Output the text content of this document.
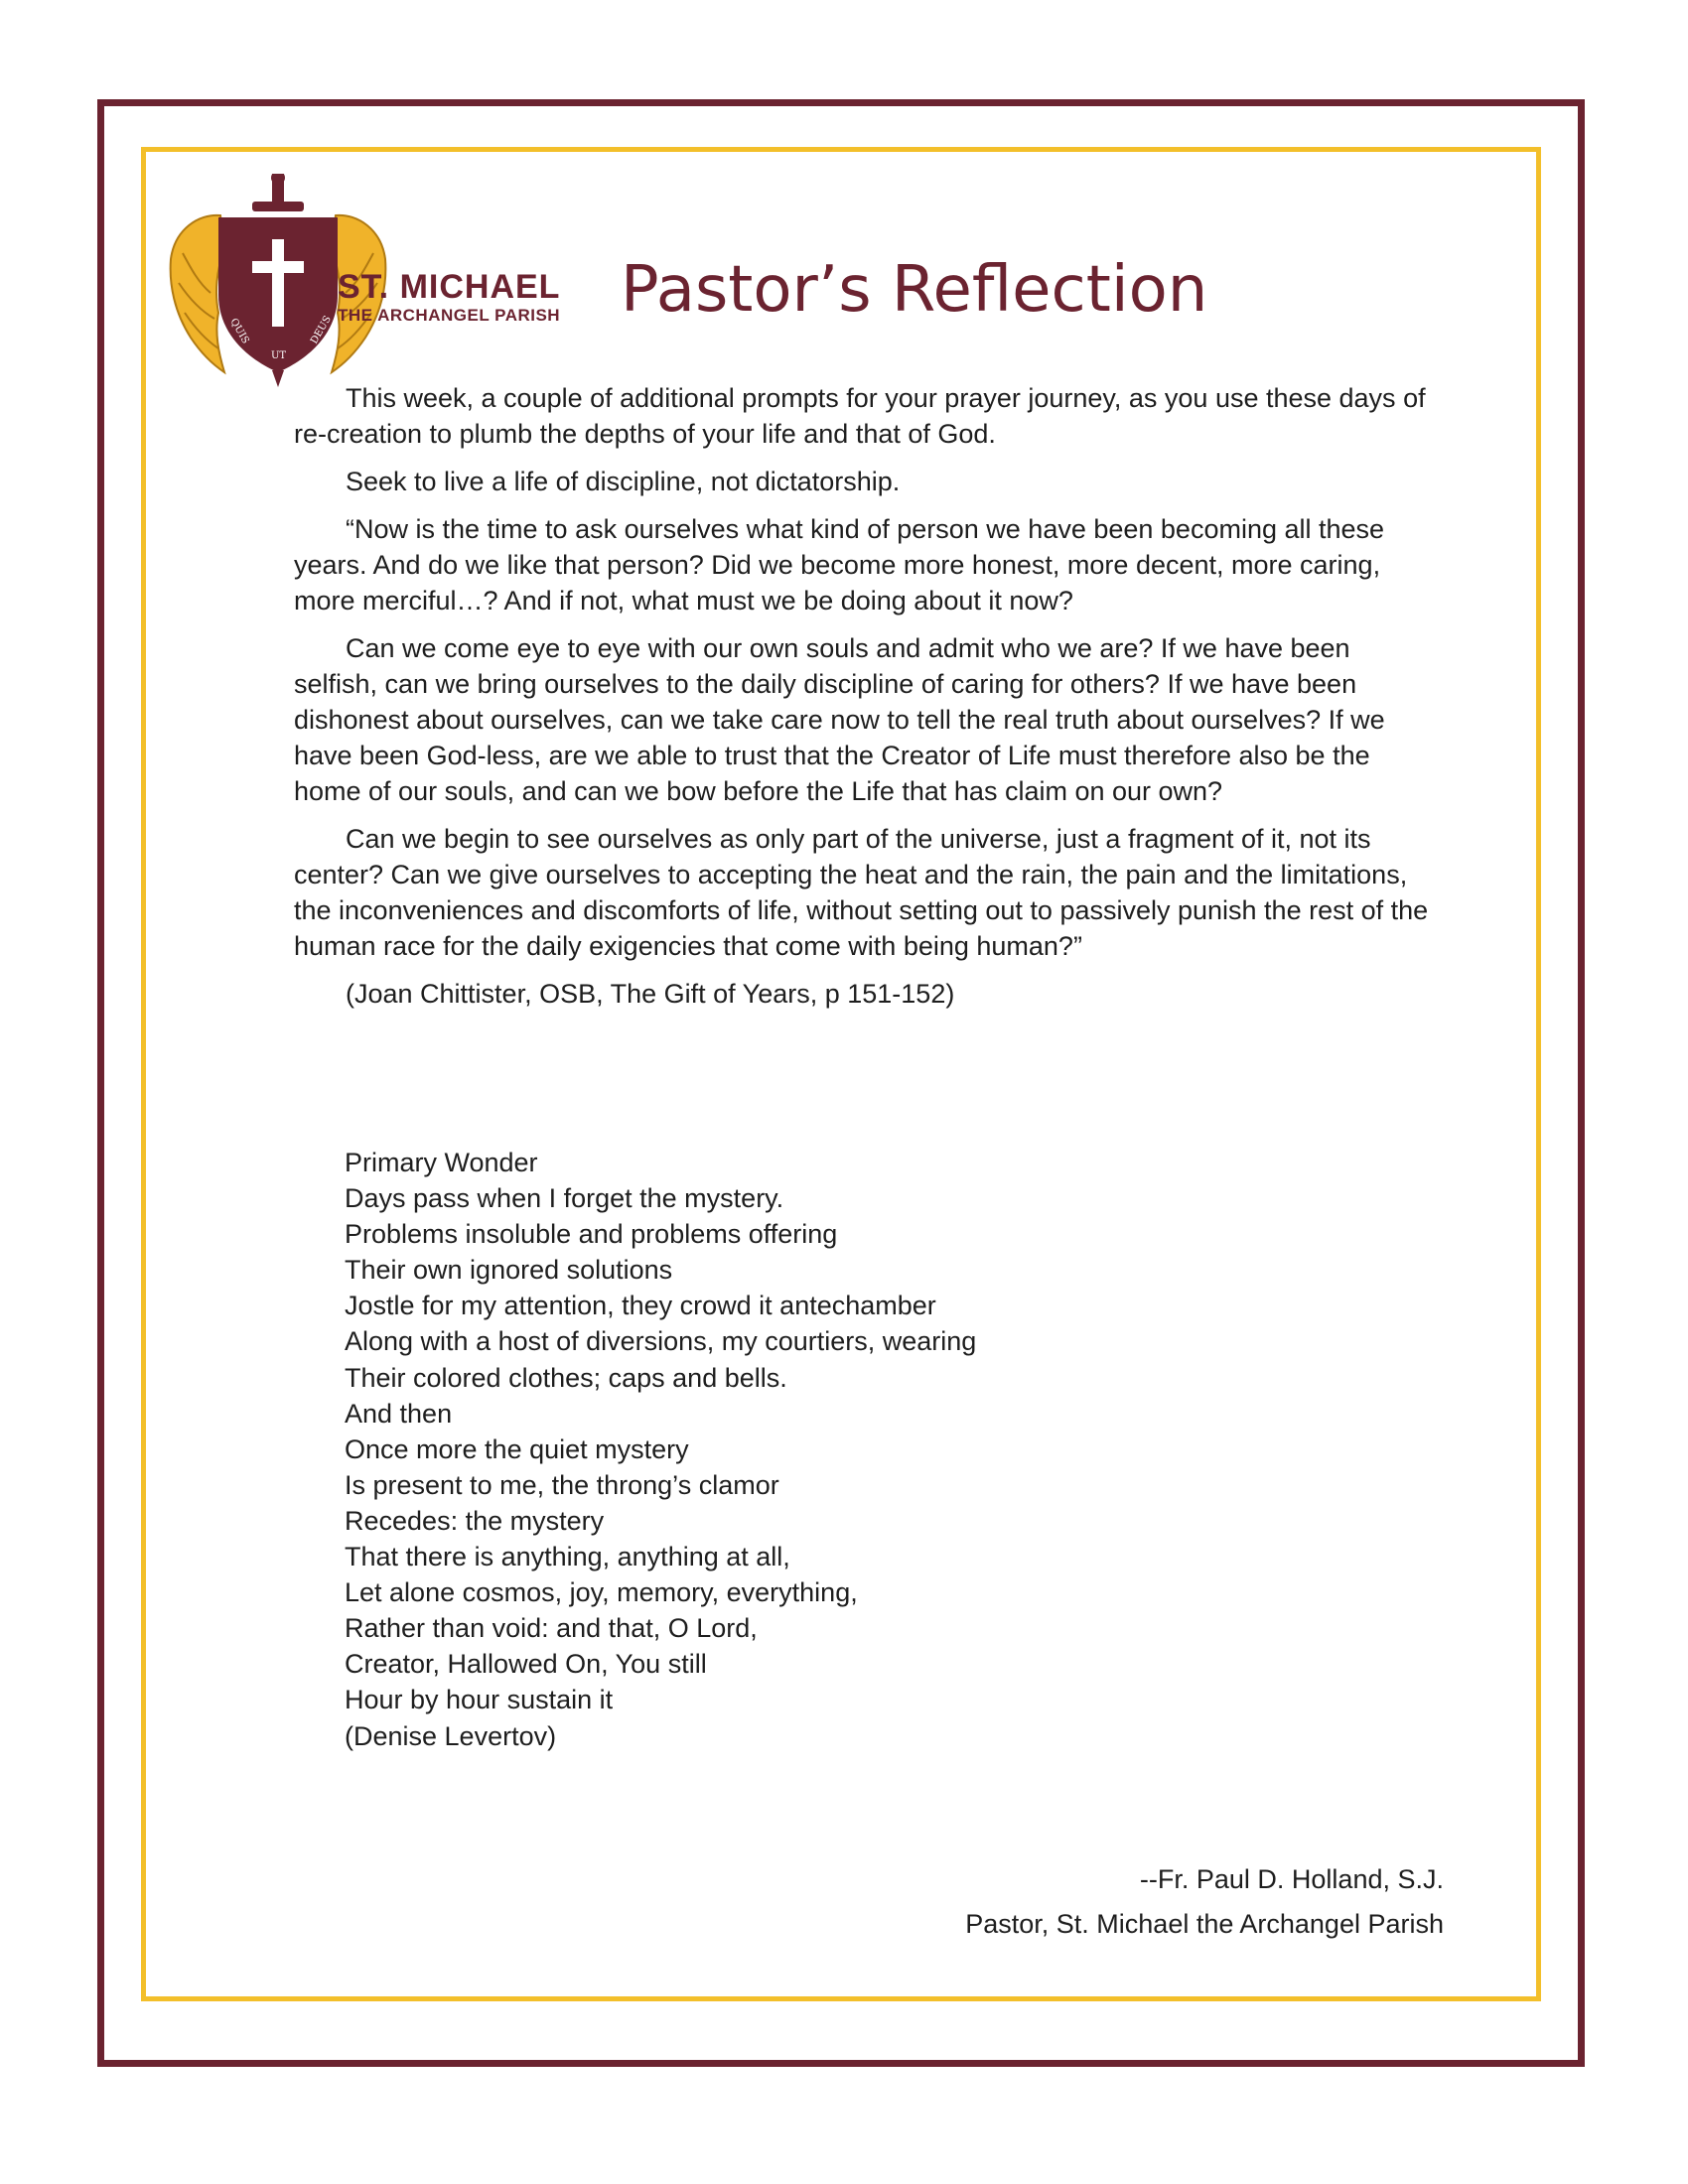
QUIS
UT
DEUS
ST. MICHAEL
THE ARCHANGEL PARISH Pastor’s Reflection

This week, a couple of additional prompts for your prayer journey, as you use these days of re-creation to plumb the depths of your life and that of God.

Seek to live a life of discipline, not dictatorship.

“Now is the time to ask ourselves what kind of person we have been becoming all these years. And do we like that person? Did we become more honest, more decent, more caring, more merciful…? And if not, what must we be doing about it now?

Can we come eye to eye with our own souls and admit who we are? If we have been selfish, can we bring ourselves to the daily discipline of caring for others? If we have been dishonest about ourselves, can we take care now to tell the real truth about ourselves? If we have been God-less, are we able to trust that the Creator of Life must therefore also be the home of our souls, and can we bow before the Life that has claim on our own?

Can we begin to see ourselves as only part of the universe, just a fragment of it, not its center? Can we give ourselves to accepting the heat and the rain, the pain and the limitations, the inconveniences and discomforts of life, without setting out to passively punish the rest of the human race for the daily exigencies that come with being human?”

(Joan Chittister, OSB, The Gift of Years, p 151-152)

Primary Wonder
Days pass when I forget the mystery.
Problems insoluble and problems offering
Their own ignored solutions
Jostle for my attention, they crowd it antechamber
Along with a host of diversions, my courtiers, wearing
Their colored clothes; caps and bells.
And then
Once more the quiet mystery
Is present to me, the throng’s clamor
Recedes: the mystery
That there is anything, anything at all,
Let alone cosmos, joy, memory, everything,
Rather than void: and that, O Lord,
Creator, Hallowed On, You still
Hour by hour sustain it
(Denise Levertov)
--Fr. Paul D. Holland, S.J.
Pastor, St. Michael the Archangel Parish
